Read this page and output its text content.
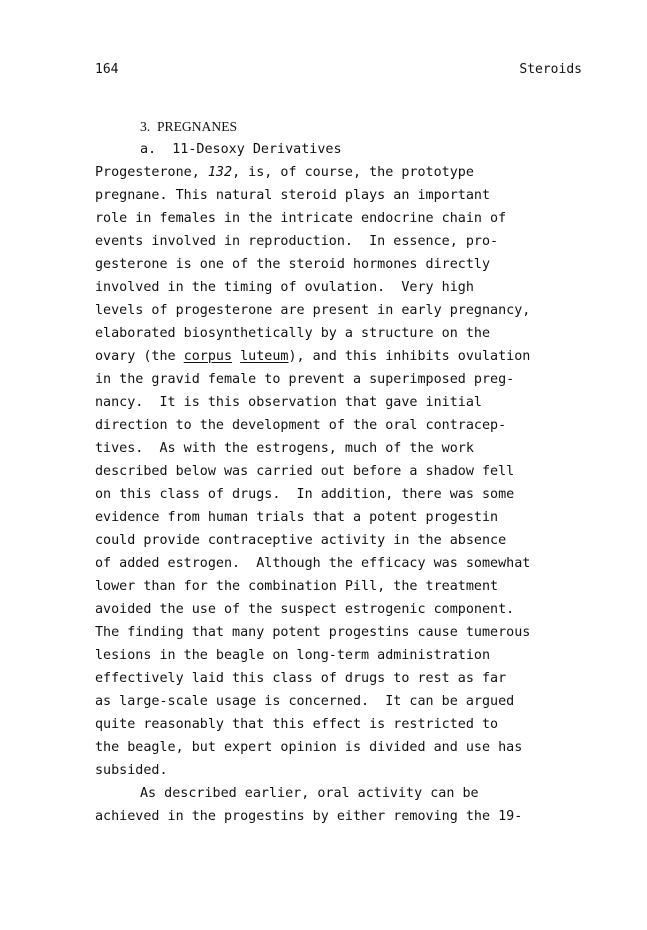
164	Steroids
3.  PREGNANES
a.  11-Desoxy Derivatives
Progesterone, 132, is, of course, the prototype
pregnane. This natural steroid plays an important
role in females in the intricate endocrine chain of
events involved in reproduction.  In essence, pro-
gesterone is one of the steroid hormones directly
involved in the timing of ovulation.  Very high
levels of progesterone are present in early pregnancy,
elaborated biosynthetically by a structure on the
ovary (the corpus luteum), and this inhibits ovulation
in the gravid female to prevent a superimposed preg-
nancy.  It is this observation that gave initial
direction to the development of the oral contracep-
tives.  As with the estrogens, much of the work
described below was carried out before a shadow fell
on this class of drugs.  In addition, there was some
evidence from human trials that a potent progestin
could provide contraceptive activity in the absence
of added estrogen.  Although the efficacy was somewhat
lower than for the combination Pill, the treatment
avoided the use of the suspect estrogenic component.
The finding that many potent progestins cause tumerous
lesions in the beagle on long-term administration
effectively laid this class of drugs to rest as far
as large-scale usage is concerned.  It can be argued
quite reasonably that this effect is restricted to
the beagle, but expert opinion is divided and use has
subsided.
As described earlier, oral activity can be
achieved in the progestins by either removing the 19-
